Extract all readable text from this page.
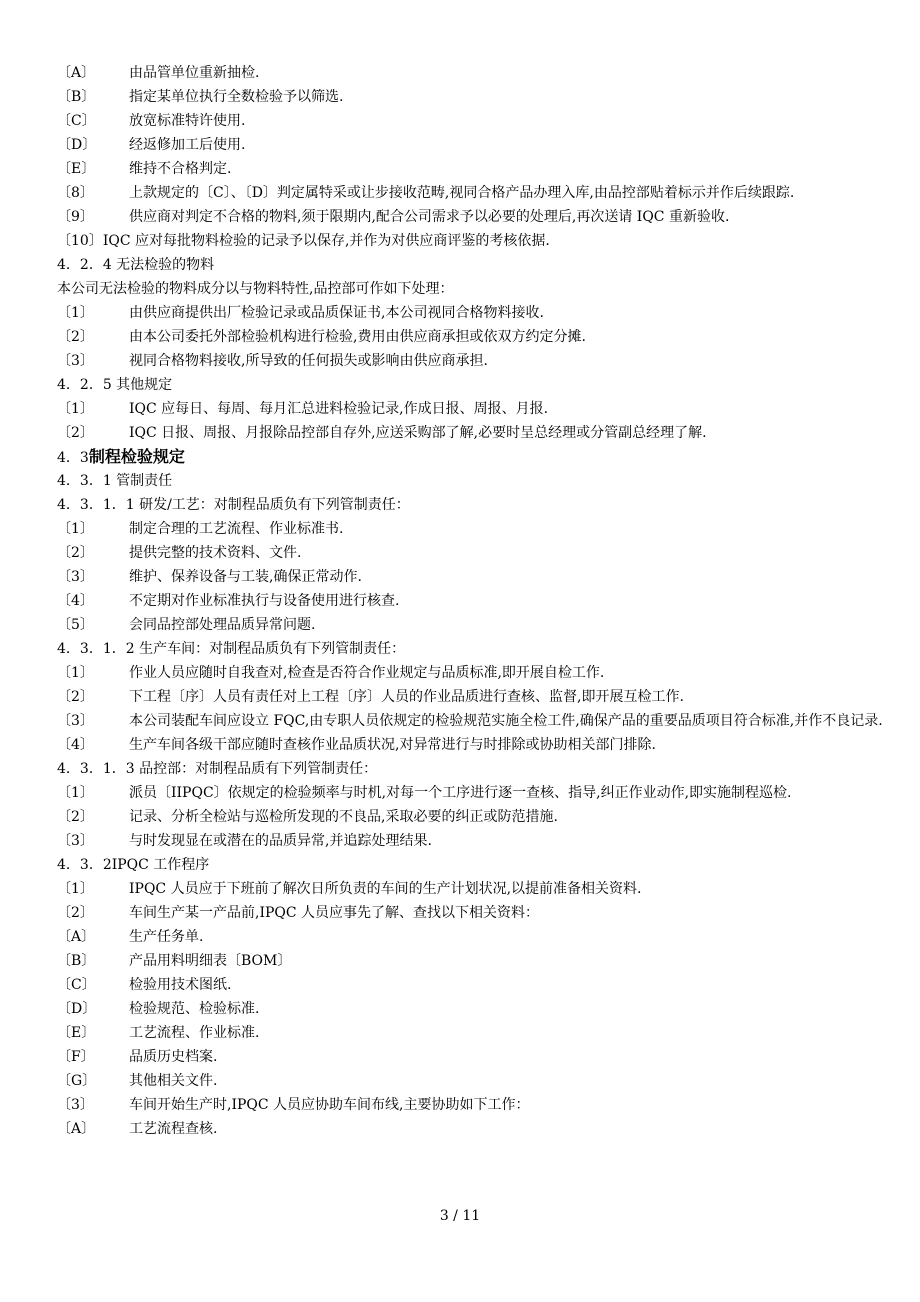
〔A〕 由品管单位重新抽检.
〔B〕 指定某单位执行全数检验予以筛选.
〔C〕 放宽标准特许使用.
〔D〕 经返修加工后使用.
〔E〕 维持不合格判定.
〔8〕	上款规定的〔C〕、〔D〕判定属特采或让步接收范畴,视同合格产品办理入库,由品控部贴着标示并作后续跟踪.
〔9〕	供应商对判定不合格的物料,须于限期内,配合公司需求予以必要的处理后,再次送请 IQC 重新验收.
〔10〕IQC 应对每批物料检验的记录予以保存,并作为对供应商评鉴的考核依据.
4．2．4 无法检验的物料
本公司无法检验的物料成分以与物料特性,品控部可作如下处理：
〔1〕	由供应商提供出厂检验记录或品质保证书,本公司视同合格物料接收.
〔2〕	由本公司委托外部检验机构进行检验,费用由供应商承担或依双方约定分摊.
〔3〕	视同合格物料接收,所导致的任何损失或影响由供应商承担.
4．2．5 其他规定
〔1〕	IQC 应每日、每周、每月汇总进料检验记录,作成日报、周报、月报.
〔2〕	IQC 日报、周报、月报除品控部自存外,应送采购部了解,必要时呈总经理或分管副总经理了解.
4．3制程检验规定
4．3．1 管制责任
4．3．1．1 研发/工艺：对制程品质负有下列管制责任：
〔1〕	制定合理的工艺流程、作业标准书.
〔2〕	提供完整的技术资料、文件.
〔3〕	维护、保养设备与工装,确保正常动作.
〔4〕	不定期对作业标准执行与设备使用进行核查.
〔5〕	会同品控部处理品质异常问题.
4．3．1．2 生产车间：对制程品质负有下列管制责任：
〔1〕	作业人员应随时自我查对,检查是否符合作业规定与品质标准,即开展自检工作.
〔2〕	下工程〔序〕人员有责任对上工程〔序〕人员的作业品质进行查核、监督,即开展互检工作.
〔3〕	本公司装配车间应设立 FQC,由专职人员依规定的检验规范实施全检工件,确保产品的重要品质项目符合标准,并作不良记录.
〔4〕	生产车间各级干部应随时查核作业品质状况,对异常进行与时排除或协助相关部门排除.
4．3．1．3 品控部：对制程品质有下列管制责任：
〔1〕	派员〔IIPQC〕依规定的检验频率与时机,对每一个工序进行逐一查核、指导,纠正作业动作,即实施制程巡检.
〔2〕	记录、分析全检站与巡检所发现的不良品,采取必要的纠正或防范措施.
〔3〕	与时发现显在或潜在的品质异常,并追踪处理结果.
4．3．2IPQC 工作程序
〔1〕	IPQC 人员应于下班前了解次日所负责的车间的生产计划状况,以提前准备相关资料.
〔2〕	车间生产某一产品前,IPQC 人员应事先了解、查找以下相关资料：
〔A〕 生产任务单.
〔B〕 产品用料明细表〔BOM〕
〔C〕 检验用技术图纸.
〔D〕 检验规范、检验标准.
〔E〕 工艺流程、作业标准.
〔F〕 品质历史档案.
〔G〕 其他相关文件.
〔3〕	车间开始生产时,IPQC 人员应协助车间布线,主要协助如下工作：
〔A〕 工艺流程查核.
3 / 11
